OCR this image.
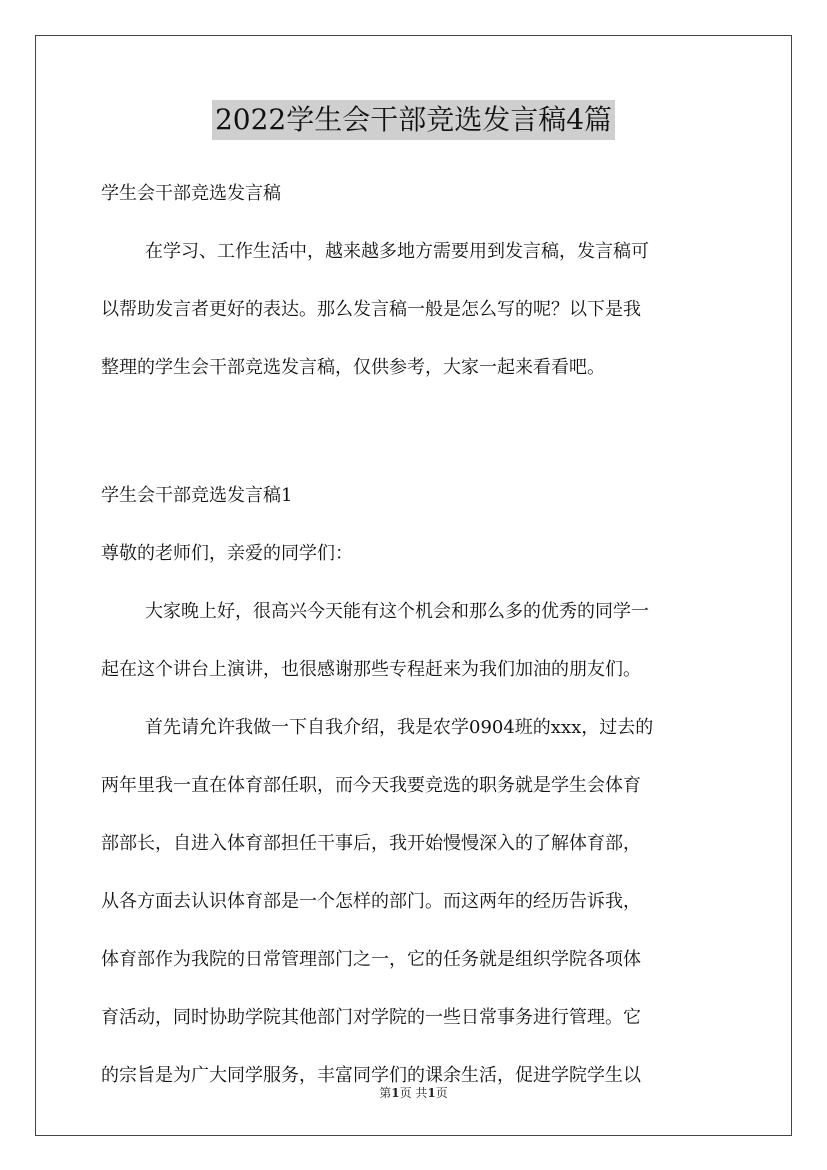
2022学生会干部竞选发言稿4篇
学生会干部竞选发言稿
在学习、工作生活中，越来越多地方需要用到发言稿，发言稿可
以帮助发言者更好的表达。那么发言稿一般是怎么写的呢？以下是我
整理的学生会干部竞选发言稿，仅供参考，大家一起来看看吧。
学生会干部竞选发言稿1
尊敬的老师们，亲爱的同学们：
大家晚上好，很高兴今天能有这个机会和那么多的优秀的同学一
起在这个讲台上演讲，也很感谢那些专程赶来为我们加油的朋友们。
首先请允许我做一下自我介绍，我是农学0904班的xxx，过去的
两年里我一直在体育部任职，而今天我要竞选的职务就是学生会体育
部部长，自进入体育部担任干事后，我开始慢慢深入的了解体育部，
从各方面去认识体育部是一个怎样的部门。而这两年的经历告诉我，
体育部作为我院的日常管理部门之一，它的任务就是组织学院各项体
育活动，同时协助学院其他部门对学院的一些日常事务进行管理。它
的宗旨是为广大同学服务，丰富同学们的课余生活，促进学院学生以
第1页 共1页
